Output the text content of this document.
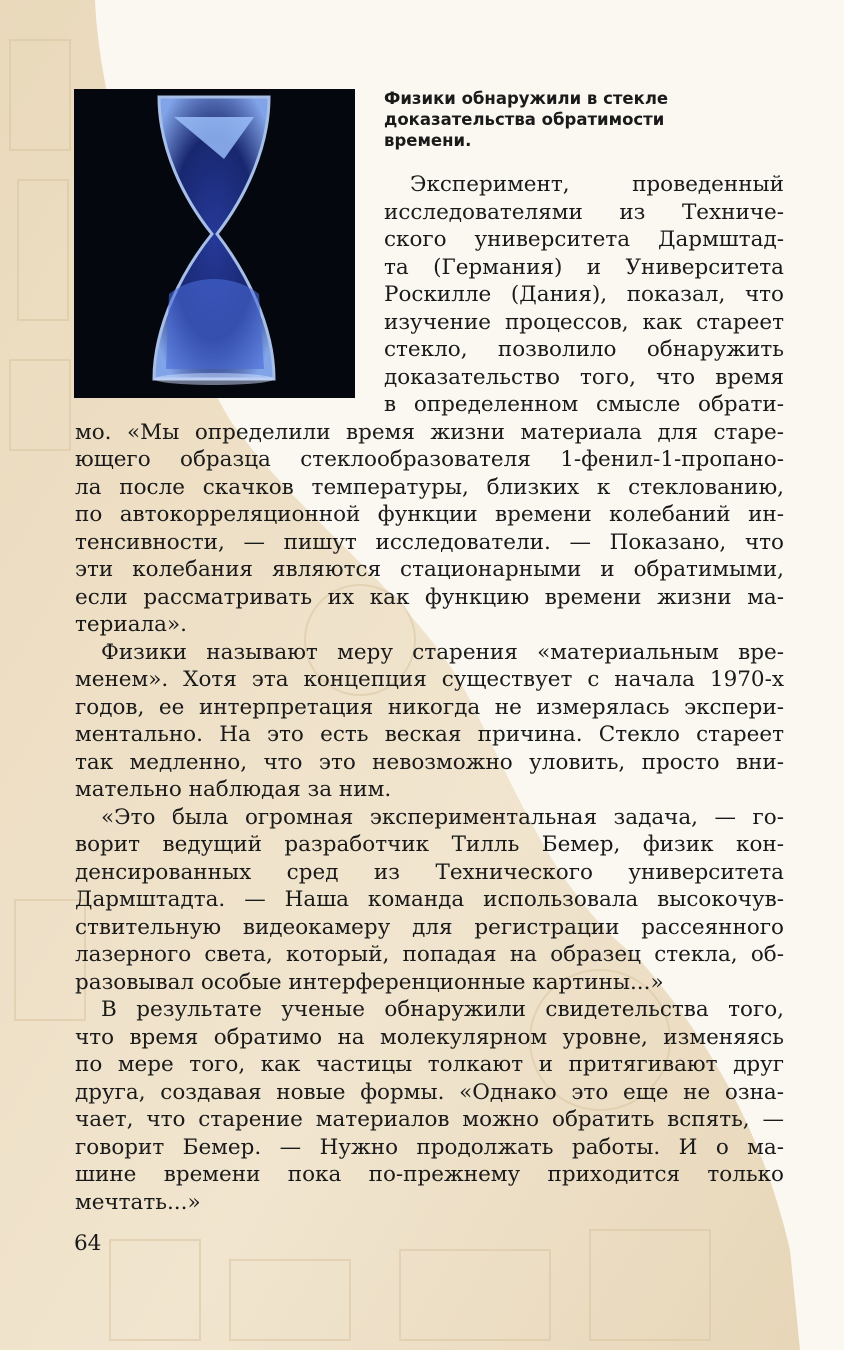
Физики обнаружили в стекле
доказательства обратимости
времени.
Эксперимент, проведенный
исследователями из Техниче-
ского университета Дармштад-
та (Германия) и Университета
Роскилле (Дания), показал, что
изучение процессов, как стареет
стекло, позволило обнаружить
доказательство того, что время
в определенном смысле обрати-
мо. «Мы определили время жизни материала для старе-
ющего образца стеклообразователя 1-фенил-1-пропано-
ла после скачков температуры, близких к стеклованию,
по автокорреляционной функции времени колебаний ин-
тенсивности, — пишут исследователи. — Показано, что
эти колебания являются стационарными и обратимыми,
если рассматривать их как функцию времени жизни ма-
териала».
Физики называют меру старения «материальным вре-
менем». Хотя эта концепция существует с начала 1970-х
годов, ее интерпретация никогда не измерялась экспери-
ментально. На это есть веская причина. Стекло стареет
так медленно, что это невозможно уловить, просто вни-
мательно наблюдая за ним.
«Это была огромная экспериментальная задача, — го-
ворит ведущий разработчик Тилль Бемер, физик кон-
денсированных сред из Технического университета
Дармштадта. — Наша команда использовала высокочув-
ствительную видеокамеру для регистрации рассеянного
лазерного света, который, попадая на образец стекла, об-
разовывал особые интерференционные картины...»
В результате ученые обнаружили свидетельства того,
что время обратимо на молекулярном уровне, изменяясь
по мере того, как частицы толкают и притягивают друг
друга, создавая новые формы. «Однако это еще не озна-
чает, что старение материалов можно обратить вспять, —
говорит Бемер. — Нужно продолжать работы. И о ма-
шине времени пока по-прежнему приходится только
мечтать...»
64
